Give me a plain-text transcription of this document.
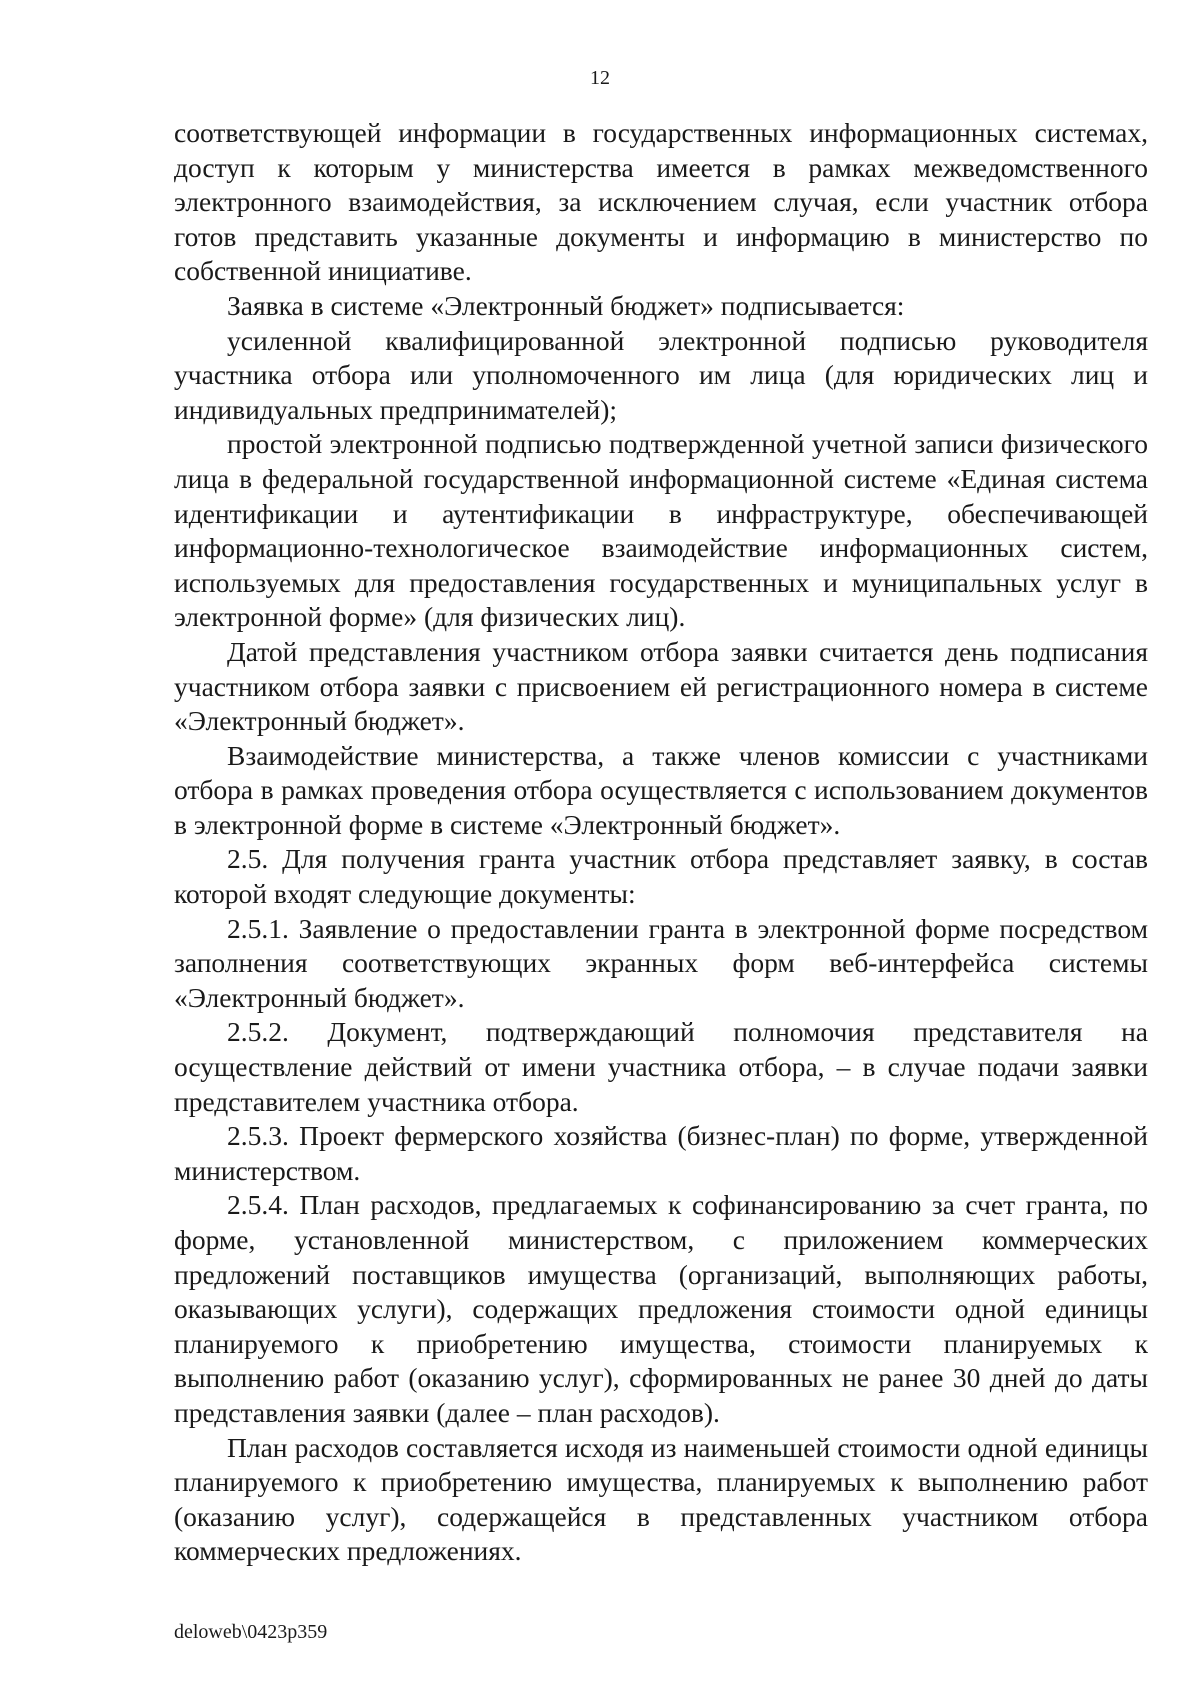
12

соответствующей информации в государственных информационных системах, доступ к которым у министерства имеется в рамках межведомственного электронного взаимодействия, за исключением случая, если участник отбора готов представить указанные документы и информацию в министерство по собственной инициативе.

Заявка в системе «Электронный бюджет» подписывается:

усиленной квалифицированной электронной подписью руководителя участника отбора или уполномоченного им лица (для юридических лиц и индивидуальных предпринимателей);

простой электронной подписью подтвержденной учетной записи физического лица в федеральной государственной информационной системе «Единая система идентификации и аутентификации в инфраструктуре, обеспечивающей информационно-технологическое взаимодействие информационных систем, используемых для предоставления государственных и муниципальных услуг в электронной форме» (для физических лиц).

Датой представления участником отбора заявки считается день подписания участником отбора заявки с присвоением ей регистрационного номера в системе «Электронный бюджет».

Взаимодействие министерства, а также членов комиссии с участниками отбора в рамках проведения отбора осуществляется с использованием документов в электронной форме в системе «Электронный бюджет».

2.5. Для получения гранта участник отбора представляет заявку, в состав которой входят следующие документы:

2.5.1. Заявление о предоставлении гранта в электронной форме посредством заполнения соответствующих экранных форм веб-интерфейса системы «Электронный бюджет».

2.5.2. Документ, подтверждающий полномочия представителя на осуществление действий от имени участника отбора, – в случае подачи заявки представителем участника отбора.

2.5.3. Проект фермерского хозяйства (бизнес-план) по форме, утвержденной министерством.

2.5.4. План расходов, предлагаемых к софинансированию за счет гранта, по форме, установленной министерством, с приложением коммерческих предложений поставщиков имущества (организаций, выполняющих работы, оказывающих услуги), содержащих предложения стоимости одной единицы планируемого к приобретению имущества, стоимости планируемых к выполнению работ (оказанию услуг), сформированных не ранее 30 дней до даты представления заявки (далее – план расходов).

План расходов составляется исходя из наименьшей стоимости одной единицы планируемого к приобретению имущества, планируемых к выполнению работ (оказанию услуг), содержащейся в представленных участником отбора коммерческих предложениях.

deloweb\0423p359
